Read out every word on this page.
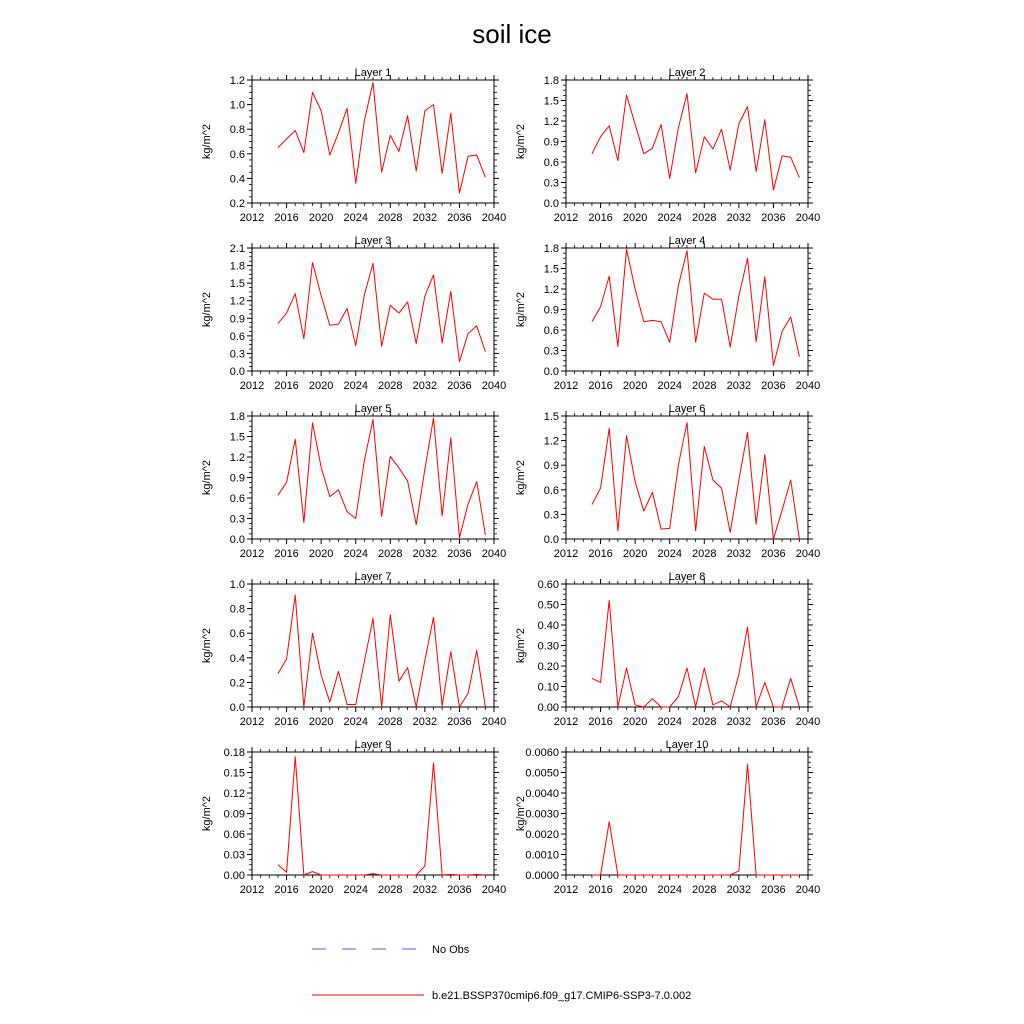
soil ice
Layer 1
kg/m^2
2012 2016 2020 2024 2028 2032 2036 2040
0.2
0.4
0.6
0.8
1.0
1.2
Layer 2
kg/m^2
2012 2016 2020 2024 2028 2032 2036 2040
0.0
0.3
0.6
0.9
1.2
1.5
1.8
Layer 3
kg/m^2
2012 2016 2020 2024 2028 2032 2036 2040
0.0
0.3
0.6
0.9
1.2
1.5
1.8
2.1
Layer 4
kg/m^2
2012 2016 2020 2024 2028 2032 2036 2040
0.0
0.3
0.6
0.9
1.2
1.5
1.8
Layer 5
kg/m^2
2012 2016 2020 2024 2028 2032 2036 2040
0.0
0.3
0.6
0.9
1.2
1.5
1.8
Layer 6
kg/m^2
2012 2016 2020 2024 2028 2032 2036 2040
0.0
0.3
0.6
0.9
1.2
1.5
Layer 7
kg/m^2
2012 2016 2020 2024 2028 2032 2036 2040
0.0
0.2
0.4
0.6
0.8
1.0
Layer 8
kg/m^2
2012 2016 2020 2024 2028 2032 2036 2040
0.00
0.10
0.20
0.30
0.40
0.50
0.60
Layer 9
kg/m^2
2012 2016 2020 2024 2028 2032 2036 2040
0.00
0.03
0.06
0.09
0.12
0.15
0.18
Layer 10
kg/m^2
2012 2016 2020 2024 2028 2032 2036 2040
0.0000
0.0010
0.0020
0.0030
0.0040
0.0050
0.0060
No Obs
b.e21.BSSP370cmip6.f09_g17.CMIP6-SSP3-7.0.002
